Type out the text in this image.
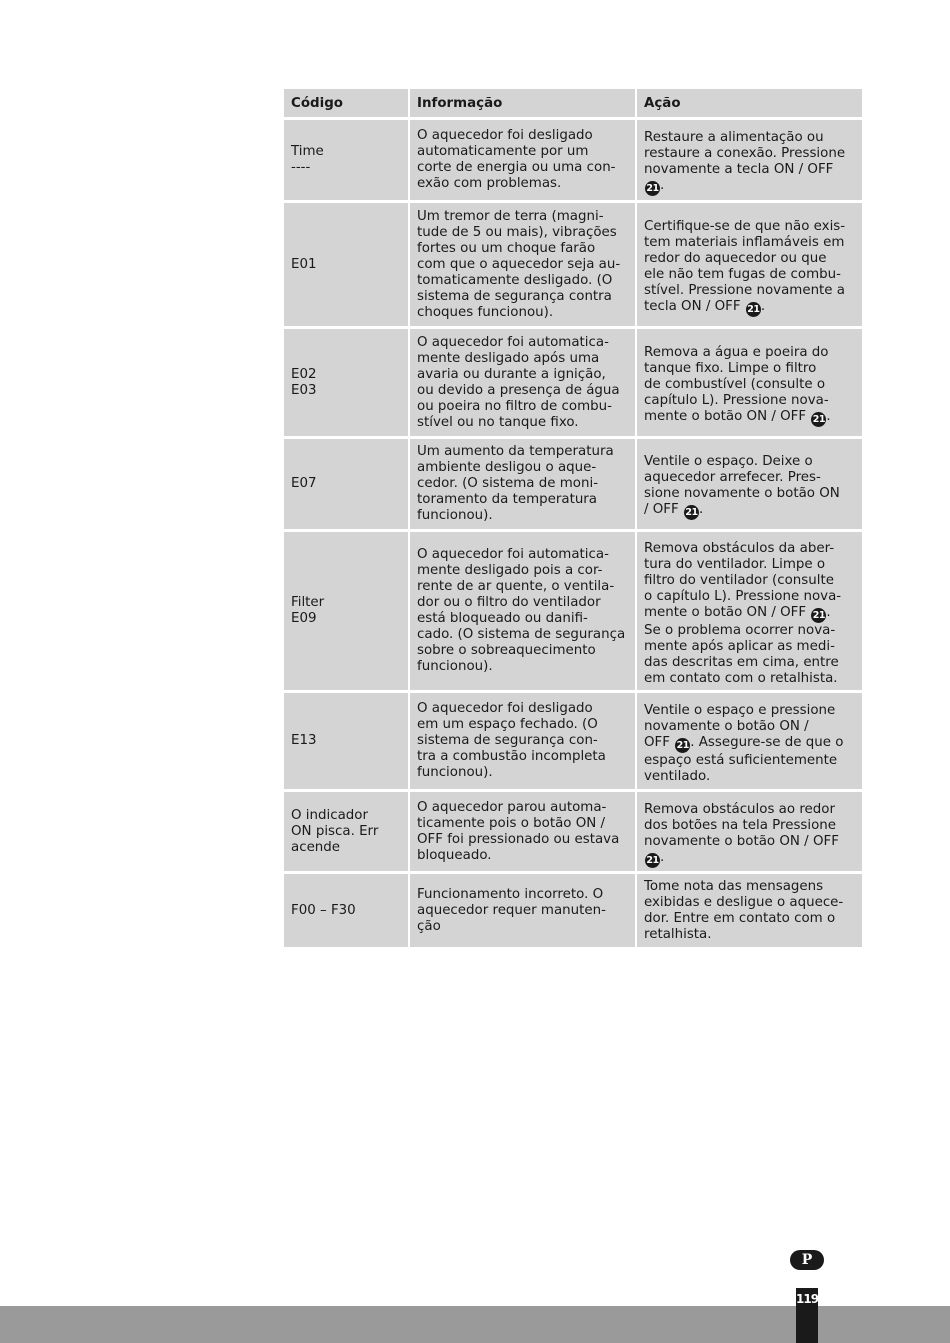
Código	Informação	Ação
Time
----
O aquecedor foi desligado
automaticamente por um
corte de energia ou uma con-
exão com problemas.
Restaure a alimentação ou
restaure a conexão. Pressione
novamente a tecla ON / OFF
21.
E01
Um tremor de terra (magni-
tude de 5 ou mais), vibrações
fortes ou um choque farão
com que o aquecedor seja au-
tomaticamente desligado. (O
sistema de segurança contra
choques funcionou).
Certifique-se de que não exis-
tem materiais inflamáveis em
redor do aquecedor ou que
ele não tem fugas de combu-
stível. Pressione novamente a
tecla ON / OFF 21.
E02
E03
O aquecedor foi automatica-
mente desligado após uma
avaria ou durante a ignição,
ou devido a presença de água
ou poeira no filtro de combu-
stível ou no tanque fixo.
Remova a água e poeira do
tanque fixo. Limpe o filtro
de combustível (consulte o
capítulo L). Pressione nova-
mente o botão ON / OFF 21.
E07
Um aumento da temperatura
ambiente desligou o aque-
cedor. (O sistema de moni-
toramento da temperatura
funcionou).
Ventile o espaço. Deixe o
aquecedor arrefecer. Pres-
sione novamente o botão ON
/ OFF 21.
Filter
E09
O aquecedor foi automatica-
mente desligado pois a cor-
rente de ar quente, o ventila-
dor ou o filtro do ventilador
está bloqueado ou danifi-
cado. (O sistema de segurança
sobre o sobreaquecimento
funcionou).
Remova obstáculos da aber-
tura do ventilador. Limpe o
filtro do ventilador (consulte
o capítulo L). Pressione nova-
mente o botão ON / OFF 21.
Se o problema ocorrer nova-
mente após aplicar as medi-
das descritas em cima, entre
em contato com o retalhista.
E13
O aquecedor foi desligado
em um espaço fechado. (O
sistema de segurança con-
tra a combustão incompleta
funcionou).
Ventile o espaço e pressione
novamente o botão ON /
OFF 21. Assegure-se de que o
espaço está suficientemente
ventilado.
O indicador
ON pisca. Err
acende
O aquecedor parou automa-
ticamente pois o botão ON /
OFF foi pressionado ou estava
bloqueado.
Remova obstáculos ao redor
dos botões na tela Pressione
novamente o botão ON / OFF
21.
F00 – F30
Funcionamento incorreto. O
aquecedor requer manuten-
ção
Tome nota das mensagens
exibidas e desligue o aquece-
dor. Entre em contato com o
retalhista.
P
119
